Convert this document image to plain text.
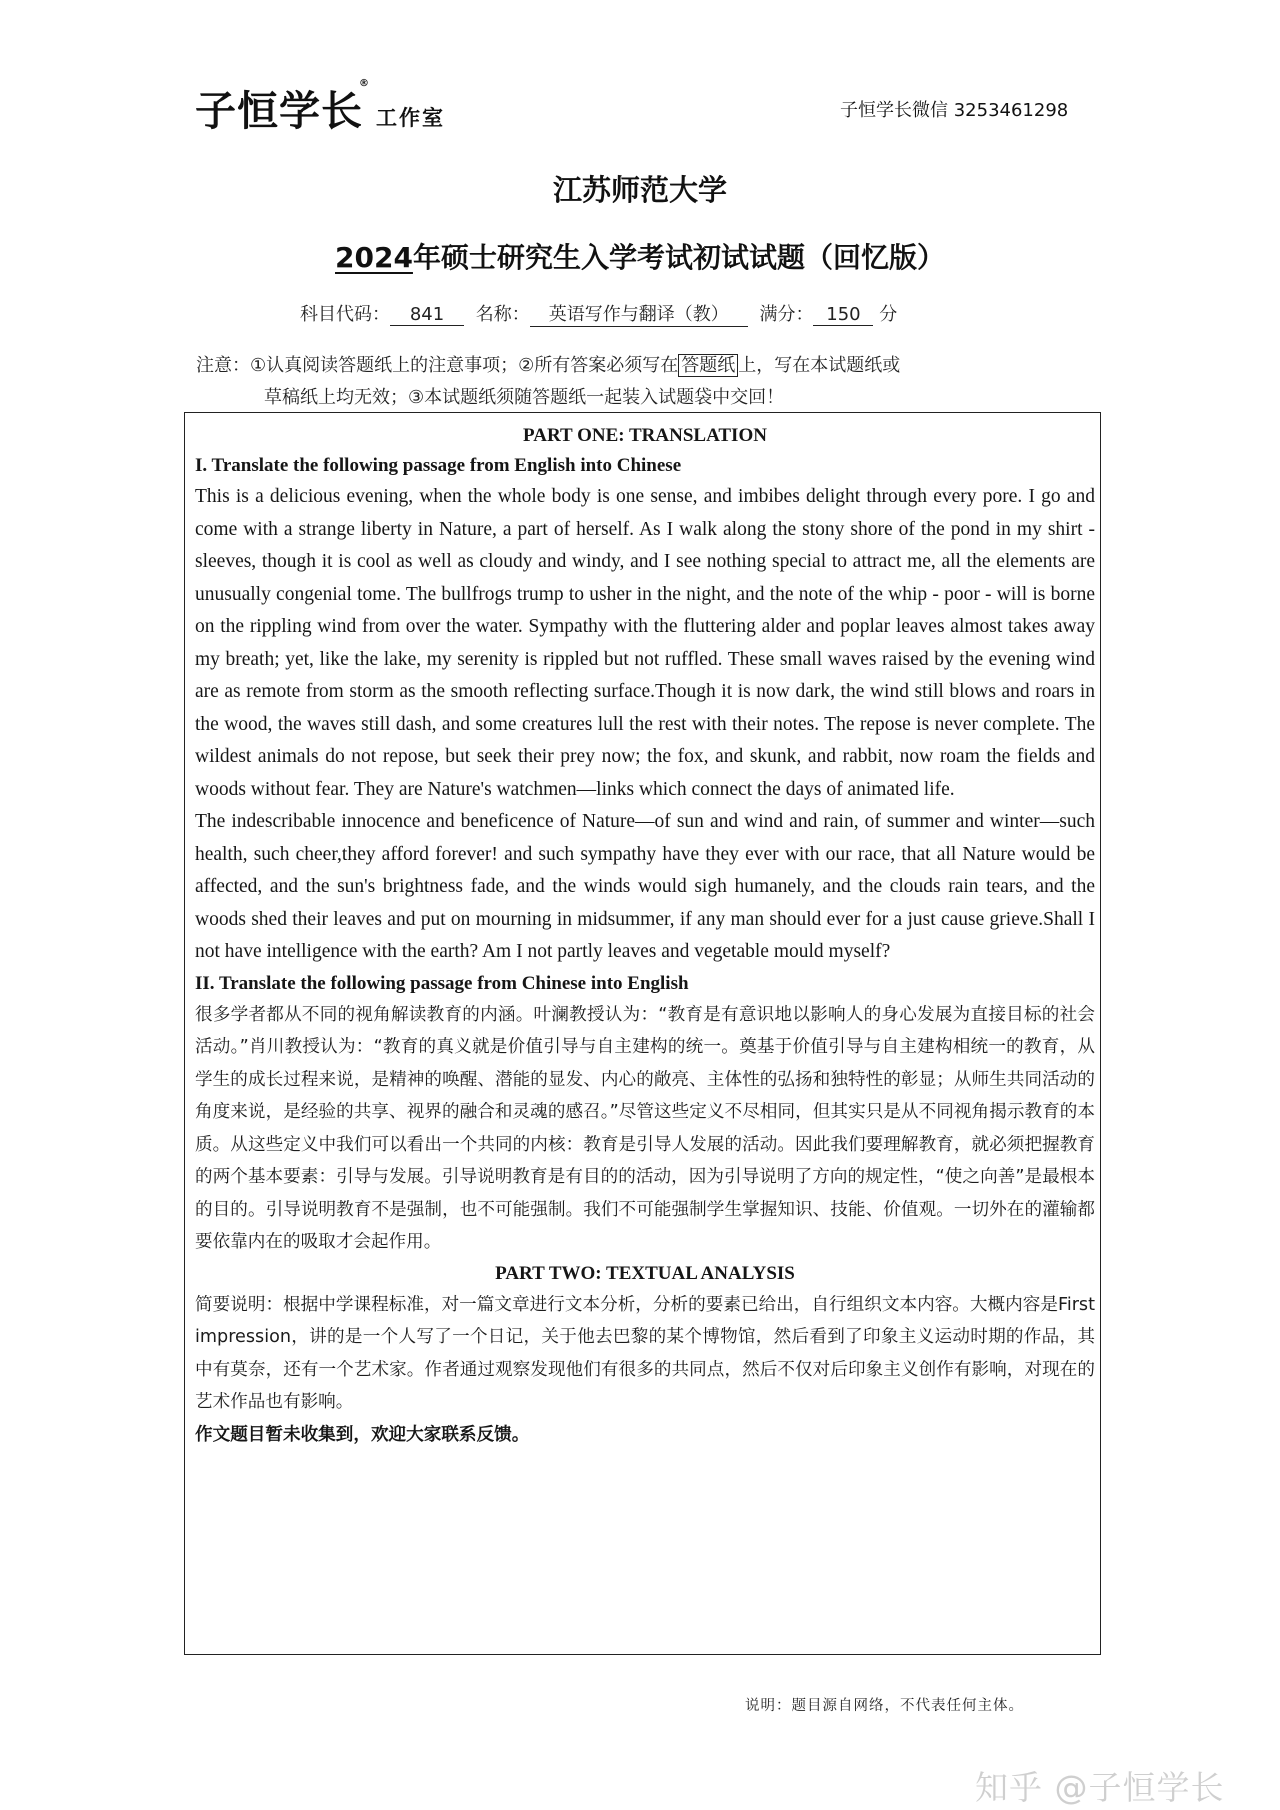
子恒学长®工作室	子恒学长微信 3253461298
江苏师范大学
2024年硕士研究生入学考试初试试题（回忆版）
科目代码： 841 名称： 英语写作与翻译（教） 满分： 150 分
注意：①认真阅读答题纸上的注意事项；②所有答案必须写在 答题纸 上，写在本试题纸或
草稿纸上均无效；③本试题纸须随答题纸一起装入试题袋中交回！
PART ONE: TRANSLATION
I. Translate the following passage from English into Chinese

This is a delicious evening, when the whole body is one sense, and imbibes delight through every pore. I go and come with a strange liberty in Nature, a part of herself. As I walk along the stony shore of the pond in my shirt - sleeves, though it is cool as well as cloudy and windy, and I see nothing special to attract me, all the elements are unusually congenial tome. The bullfrogs trump to usher in the night, and the note of the whip - poor - will is borne on the rippling wind from over the water. Sympathy with the fluttering alder and poplar leaves almost takes away my breath; yet, like the lake, my serenity is rippled but not ruffled. These small waves raised by the evening wind are as remote from storm as the smooth reflecting surface.Though it is now dark, the wind still blows and roars in the wood, the waves still dash, and some creatures lull the rest with their notes. The repose is never complete. The wildest animals do not repose, but seek their prey now; the fox, and skunk, and rabbit, now roam the fields and woods without fear. They are Nature's watchmen—links which connect the days of animated life.

The indescribable innocence and beneficence of Nature—of sun and wind and rain, of summer and winter—such health, such cheer,they afford forever! and such sympathy have they ever with our race, that all Nature would be affected, and the sun's brightness fade, and the winds would sigh humanely, and the clouds rain tears, and the woods shed their leaves and put on mourning in midsummer, if any man should ever for a just cause grieve.Shall I not have intelligence with the earth? Am I not partly leaves and vegetable mould myself?

II. Translate the following passage from Chinese into English

很多学者都从不同的视角解读教育的内涵。叶澜教授认为：“教育是有意识地以影响人的身心发展为直接目标的社会活动。”肖川教授认为：“教育的真义就是价值引导与自主建构的统一。奠基于价值引导与自主建构相统一的教育，从学生的成长过程来说，是精神的唤醒、潜能的显发、内心的敞亮、主体性的弘扬和独特性的彰显；从师生共同活动的角度来说，是经验的共享、视界的融合和灵魂的感召。”尽管这些定义不尽相同，但其实只是从不同视角揭示教育的本质。从这些定义中我们可以看出一个共同的内核：教育是引导人发展的活动。因此我们要理解教育，就必须把握教育的两个基本要素：引导与发展。引导说明教育是有目的的活动，因为引导说明了方向的规定性，“使之向善”是最根本的目的。引导说明教育不是强制，也不可能强制。我们不可能强制学生掌握知识、技能、价值观。一切外在的灌输都要依靠内在的吸取才会起作用。

PART TWO: TEXTUAL ANALYSIS

简要说明：根据中学课程标准，对一篇文章进行文本分析，分析的要素已给出，自行组织文本内容。大概内容是First impression，讲的是一个人写了一个日记，关于他去巴黎的某个博物馆，然后看到了印象主义运动时期的作品，其中有莫奈，还有一个艺术家。作者通过观察发现他们有很多的共同点，然后不仅对后印象主义创作有影响，对现在的艺术作品也有影响。

作文题目暂未收集到，欢迎大家联系反馈。
说明：题目源自网络，不代表任何主体。
知乎 @子恒学长
